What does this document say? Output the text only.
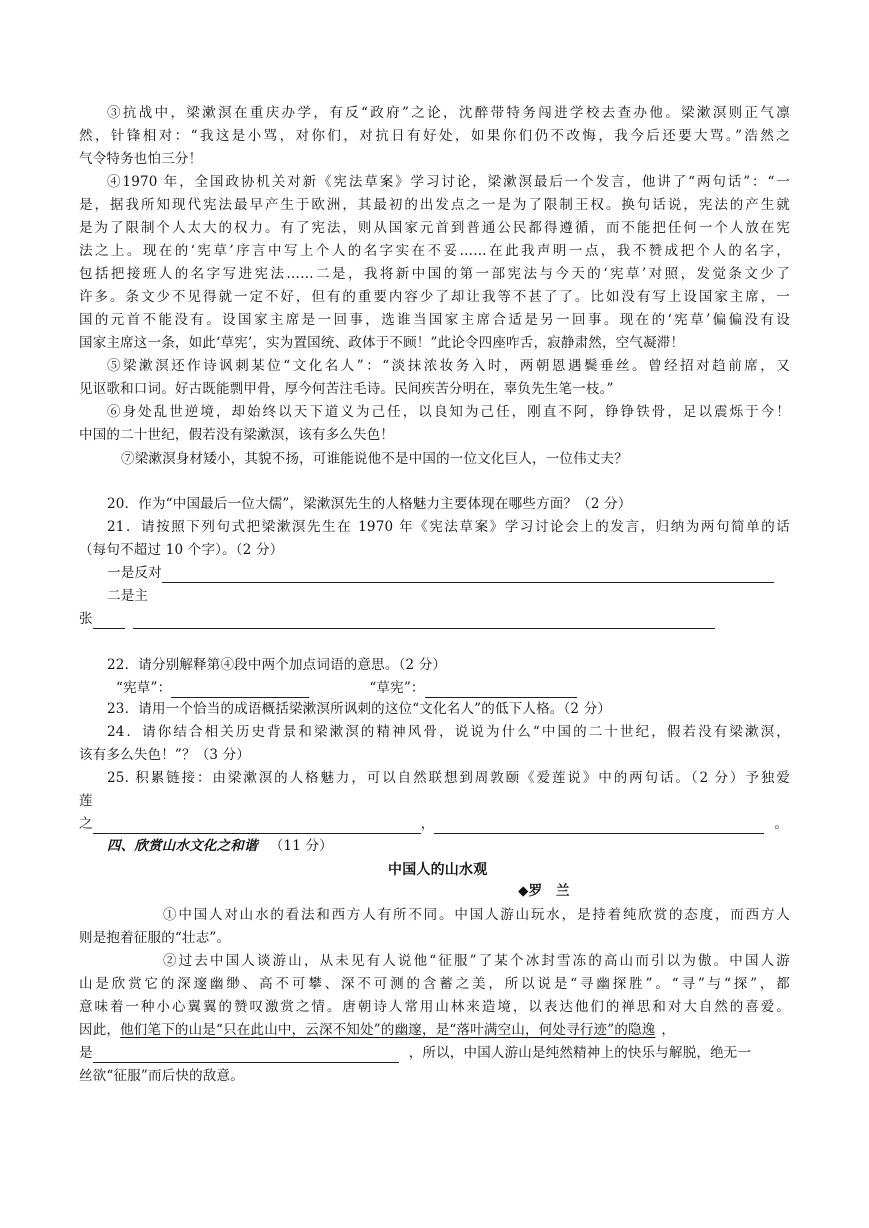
③抗战中，梁漱溟在重庆办学，有反“政府”之论，沈醉带特务闯进学校去查办他。梁漱溟则正气凛
然，针锋相对：“我这是小骂，对你们，对抗日有好处，如果你们仍不改悔，我今后还要大骂。”浩然之
气令特务也怕三分！
④1970 年，全国政协机关对新《宪法草案》学习讨论，梁漱溟最后一个发言，他讲了“两句话”：“一
是，据我所知现代宪法最早产生于欧洲，其最初的出发点之一是为了限制王权。换句话说，宪法的产生就
是为了限制个人太大的权力。有了宪法，则从国家元首到普通公民都得遵循，而不能把任何一个人放在宪
法之上。现在的‘宪草’序言中写上个人的名字实在不妥……在此我声明一点，我不赞成把个人的名字，
包括把接班人的名字写进宪法……二是，我将新中国的第一部宪法与今天的‘宪草’对照，发觉条文少了
许多。条文少不见得就一定不好，但有的重要内容少了却让我等不甚了了。比如没有写上设国家主席，一
国的元首不能没有。设国家主席是一回事，选谁当国家主席合适是另一回事。现在的‘宪草’偏偏没有设
国家主席这一条，如此‘草宪’，实为置国统、政体于不顾！”此论令四座咋舌，寂静肃然，空气凝滞！
⑤梁漱溟还作诗讽刺某位“文化名人”：“淡抹浓妆务入时，两朝恩遇鬓垂丝。曾经招对趋前席，又
见讴歌和口词。好古既能剽甲骨，厚今何苦注毛诗。民间疾苦分明在，辜负先生笔一枝。”
⑥身处乱世逆境，却始终以天下道义为己任，以良知为己任，刚直不阿，铮铮铁骨，足以震烁于今！
中国的二十世纪，假若没有梁漱溟，该有多么失色！
⑦梁漱溟身材矮小，其貌不扬，可谁能说他不是中国的一位文化巨人，一位伟丈夫？
20．作为“中国最后一位大儒”，梁漱溟先生的人格魅力主要体现在哪些方面？（2 分）
21．请按照下列句式把梁漱溟先生在 1970 年《宪法草案》学习讨论会上的发言，归纳为两句简单的话
（每句不超过 10 个字）。（2 分）
一是反对
二是主
张
22．请分别解释第④段中两个加点词语的意思。（2 分）
“宪草”：	“草宪”：
23．请用一个恰当的成语概括梁漱溟所讽刺的这位“文化名人”的低下人格。（2 分）
24．请你结合相关历史背景和梁漱溟的精神风骨，说说为什么“中国的二十世纪，假若没有梁漱溟，
该有多么失色！”？（3 分）
25. 积累链接：由梁漱溟的人格魅力，可以自然联想到周敦颐《爱莲说》中的两句话。（2 分）予独爱
莲
之	，	。
四、欣赏山水文化之和谐 （11 分）
中国人的山水观
◆罗　兰
①中国人对山水的看法和西方人有所不同。中国人游山玩水，是持着纯欣赏的态度，而西方人
则是抱着征服的“壮志”。
②过去中国人谈游山，从未见有人说他“征服”了某个冰封雪冻的高山而引以为傲。中国人游
山是欣赏它的深邃幽缈、高不可攀、深不可测的含蓄之美，所以说是“寻幽探胜”。“寻”与“探”，都
意味着一种小心翼翼的赞叹激赏之情。唐朝诗人常用山林来造境，以表达他们的禅思和对大自然的喜爱。
因此，他们笔下的山是“只在此山中，云深不知处”的幽邃，是“落叶满空山，何处寻行迹”的隐逸 ，
是	，所以，中国人游山是纯然精神上的快乐与解脱，绝无一
丝欲“征服”而后快的敌意。
